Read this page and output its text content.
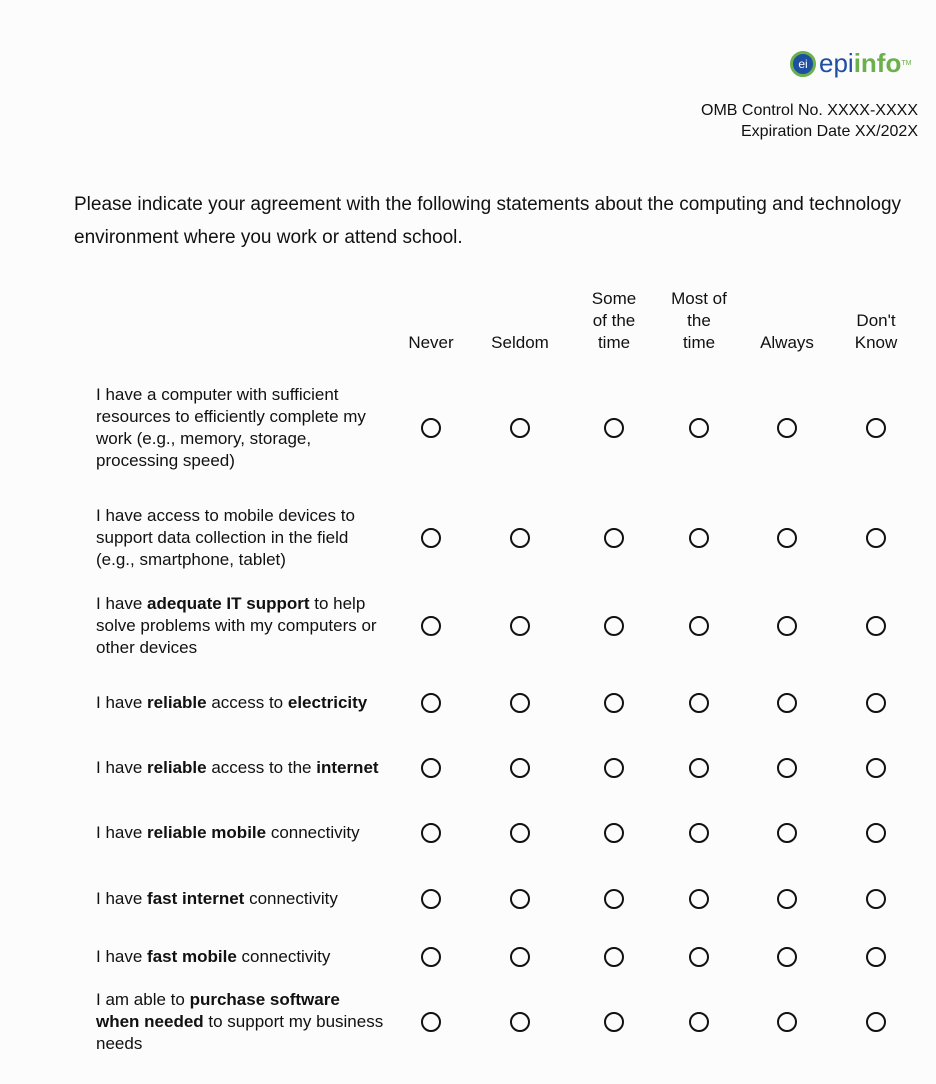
ei epi info TM
OMB Control No. XXXX-XXXX
Expiration Date XX/202X
Please indicate your agreement with the following statements about the computing and technology environment where you work or attend school.
Never	Seldom
Some of the time
Most of the time	Always
Don't Know
I have a computer with sufficient resources to efficiently complete my work (e.g., memory, storage, processing speed)
I have access to mobile devices to support data collection in the field (e.g., smartphone, tablet)
I have adequate IT support to help solve problems with my computers or other devices
I have reliable access to electricity
I have reliable access to the internet
I have reliable mobile connectivity
I have fast internet connectivity
I have fast mobile connectivity
I am able to purchase software when needed to support my business needs
